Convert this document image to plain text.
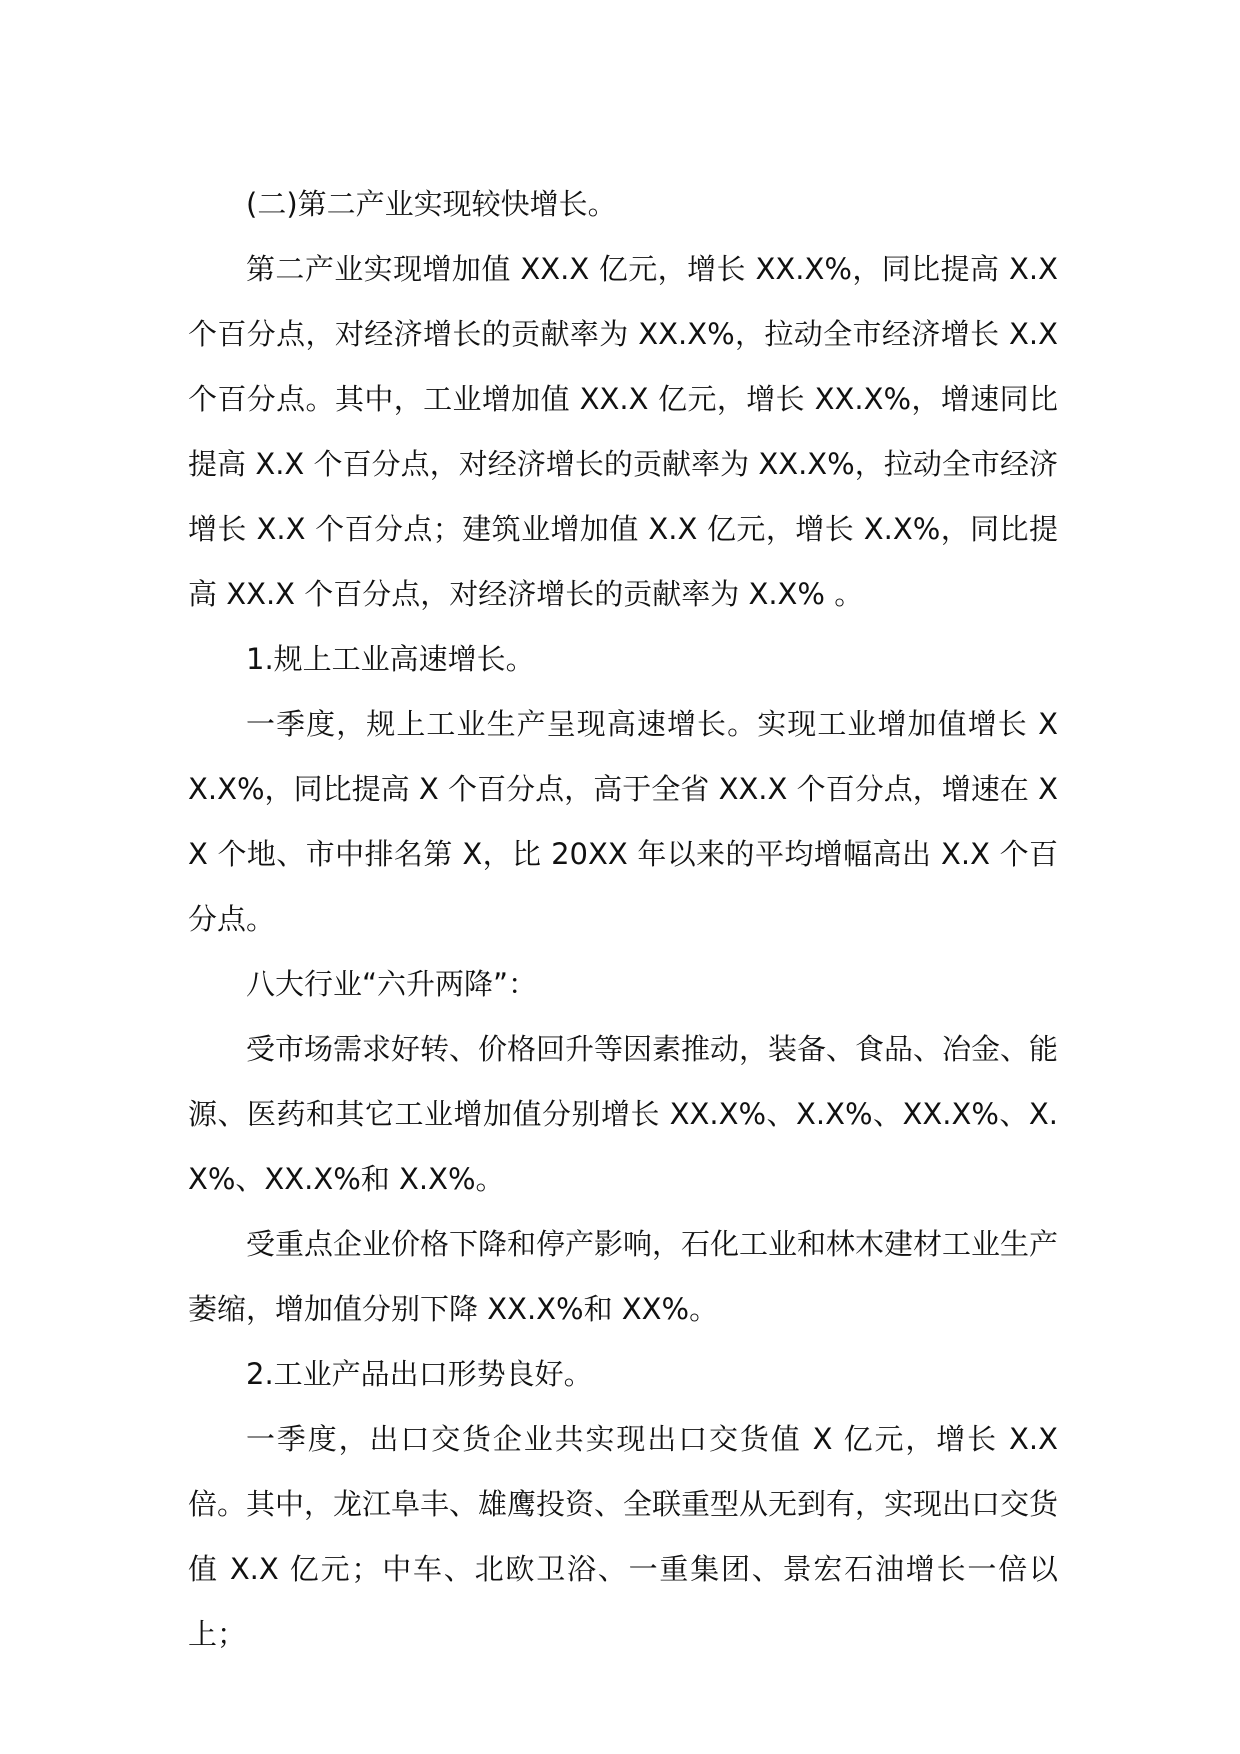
(二)第二产业实现较快增长。

第二产业实现增加值 XX.X 亿元，增长 XX.X%，同比提高 X.X 个百分点，对经济增长的贡献率为 XX.X%，拉动全市经济增长 X.X 个百分点。其中，工业增加值 XX.X 亿元，增长 XX.X%，增速同比提高 X.X 个百分点，对经济增长的贡献率为 XX.X%，拉动全市经济增长 X.X 个百分点；建筑业增加值 X.X 亿元，增长 X.X%，同比提高 XX.X 个百分点，对经济增长的贡献率为 X.X% 。

1.规上工业高速增长。

一季度，规上工业生产呈现高速增长。实现工业增加值增长 XX.X%，同比提高 X 个百分点，高于全省 XX.X 个百分点，增速在 XX 个地、市中排名第 X，比 20XX 年以来的平均增幅高出 X.X 个百分点。

八大行业“六升两降”：

受市场需求好转、价格回升等因素推动，装备、食品、冶金、能源、医药和其它工业增加值分别增长 XX.X%、X.X%、XX.X%、X.X%、XX.X%和 X.X%。

受重点企业价格下降和停产影响，石化工业和林木建材工业生产萎缩，增加值分别下降 XX.X%和 XX%。

2.工业产品出口形势良好。

一季度，出口交货企业共实现出口交货值 X 亿元，增长 X.X 倍。其中，龙江阜丰、雄鹰投资、全联重型从无到有，实现出口交货值 X.X 亿元；中车、北欧卫浴、一重集团、景宏石油增长一倍以上；
